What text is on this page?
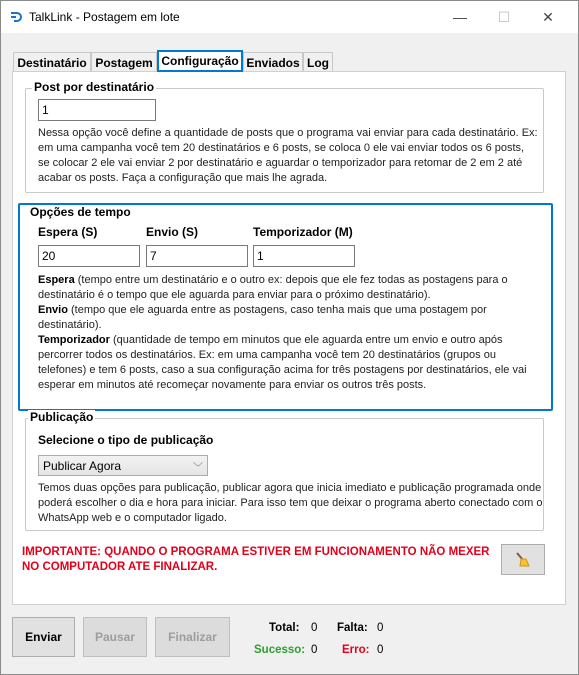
TalkLink - Postagem em lote	—	☐	✕
Destinatário Postagem Configuração Enviados Log
Post por destinatário
1
Nessa opção você define a quantidade de posts que o programa vai enviar para cada destinatário. Ex: em uma campanha você tem 20 destinatários e 6 posts, se coloca 0 ele vai enviar todos os 6 posts, se colocar 2 ele vai enviar 2 por destinatário e aguardar o temporizador para retomar de 2 em 2 até acabar os posts. Faça a configuração que mais lhe agrada.
Opções de tempo
Espera (S)	Envio (S)	Temporizador (M)
20	7	1
Espera (tempo entre um destinatário e o outro ex: depois que ele fez todas as postagens para o destinatário é o tempo que ele aguarda para enviar para o próximo destinatário).
Envio (tempo que ele aguarda entre as postagens, caso tenha mais que uma postagem por destinatário).
Temporizador (quantidade de tempo em minutos que ele aguarda entre um envio e outro após percorrer todos os destinatários. Ex: em uma campanha você tem 20 destinatários (grupos ou telefones) e tem 6 posts, caso a sua configuração acima for três postagens por destinatários, ele vai esperar em minutos até recomeçar novamente para enviar os outros três posts.
Publicação
Selecione o tipo de publicação
Publicar Agora	﹀
Temos duas opções para publicação, publicar agora que inicia imediato e publicação programada onde poderá escolher o dia e hora para iniciar. Para isso tem que deixar o programa aberto conectado com o WhatsApp web e o computador ligado.
IMPORTANTE: QUANDO O PROGRAMA ESTIVER EM FUNCIONAMENTO NÃO MEXER
NO COMPUTADOR ATE FINALIZAR.
Enviar	Pausar	Finalizar
Total: 0 Falta: 0
Sucesso: 0 Erro: 0
